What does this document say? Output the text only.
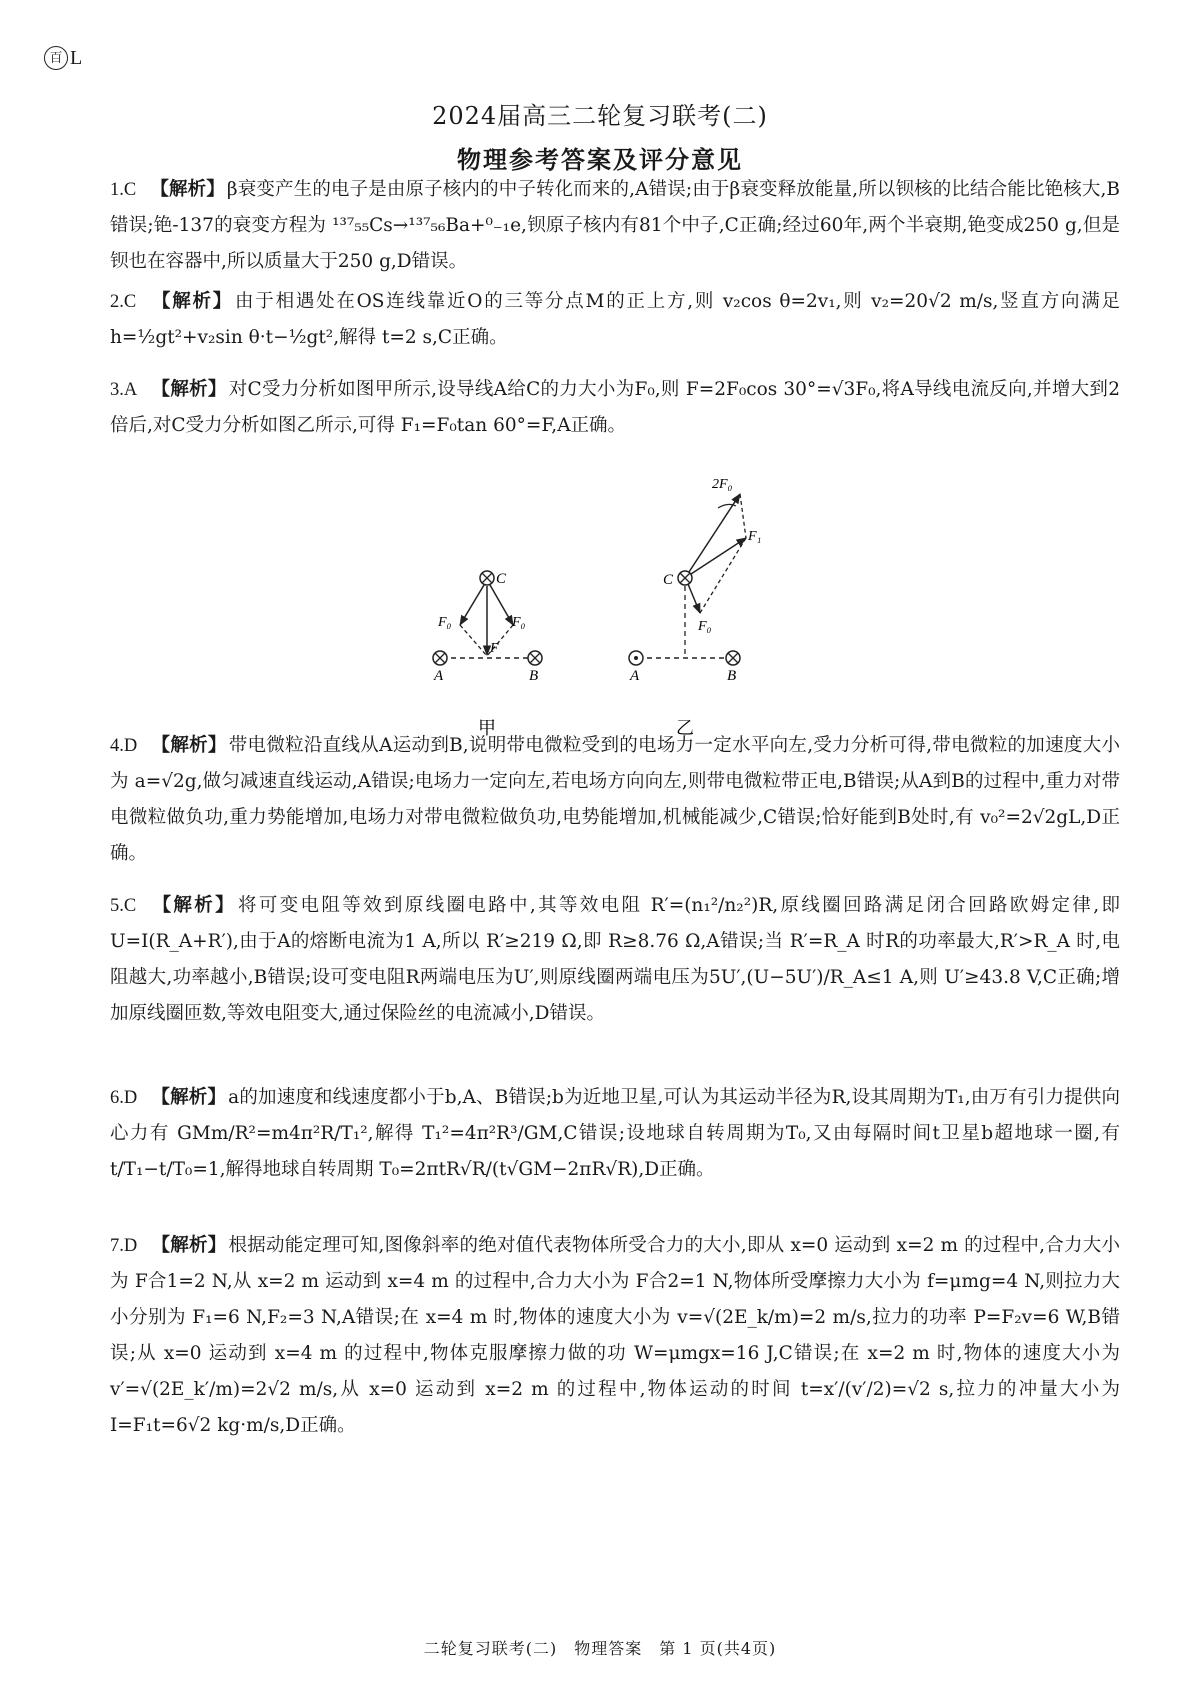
百 L
2024届高三二轮复习联考(二)
物理参考答案及评分意见
1.C 【解析】 β衰变产生的电子是由原子核内的中子转化而来的,A错误;由于β衰变释放能量,所以钡核的比结合能比铯核大,B错误;铯-137的衰变方程为 ¹³⁷₅₅Cs→¹³⁷₅₆Ba+⁰₋₁e,钡原子核内有81个中子,C正确;经过60年,两个半衰期,铯变成250 g,但是钡也在容器中,所以质量大于250 g,D错误。
2.C 【解析】 由于相遇处在OS连线靠近O的三等分点M的正上方,则 v₂cos θ=2v₁,则 v₂=20√2 m/s,竖直方向满足 h=½gt²+v₂sin θ·t−½gt²,解得 t=2 s,C正确。
3.A 【解析】 对C受力分析如图甲所示,设导线A给C的力大小为F₀,则 F=2F₀cos 30°=√3F₀,将A导线电流反向,并增大到2倍后,对C受力分析如图乙所示,可得 F₁=F₀tan 60°=F,A正确。
C
F₀	F₀
F
A	B
甲
C
2F₀
F₁
F₀
A	B
乙
4.D 【解析】 带电微粒沿直线从A运动到B,说明带电微粒受到的电场力一定水平向左,受力分析可得,带电微粒的加速度大小为 a=√2g,做匀减速直线运动,A错误;电场力一定向左,若电场方向向左,则带电微粒带正电,B错误;从A到B的过程中,重力对带电微粒做负功,重力势能增加,电场力对带电微粒做负功,电势能增加,机械能减少,C错误;恰好能到B处时,有 v₀²=2√2gL,D正确。
5.C 【解析】 将可变电阻等效到原线圈电路中,其等效电阻 R′=(n₁²/n₂²)R,原线圈回路满足闭合回路欧姆定律,即 U=I(R_A+R′),由于A的熔断电流为1 A,所以 R′≥219 Ω,即 R≥8.76 Ω,A错误;当 R′=R_A 时R的功率最大,R′>R_A 时,电阻越大,功率越小,B错误;设可变电阻R两端电压为U′,则原线圈两端电压为5U′,(U−5U′)/R_A≤1 A,则 U′≥43.8 V,C正确;增加原线圈匝数,等效电阻变大,通过保险丝的电流减小,D错误。
6.D 【解析】 a的加速度和线速度都小于b,A、B错误;b为近地卫星,可认为其运动半径为R,设其周期为T₁,由万有引力提供向心力有 GMm/R²=m4π²R/T₁²,解得 T₁²=4π²R³/GM,C错误;设地球自转周期为T₀,又由每隔时间t卫星b超地球一圈,有 t/T₁−t/T₀=1,解得地球自转周期 T₀=2πtR√R/(t√GM−2πR√R),D正确。
7.D 【解析】 根据动能定理可知,图像斜率的绝对值代表物体所受合力的大小,即从 x=0 运动到 x=2 m 的过程中,合力大小为 F合1=2 N,从 x=2 m 运动到 x=4 m 的过程中,合力大小为 F合2=1 N,物体所受摩擦力大小为 f=μmg=4 N,则拉力大小分别为 F₁=6 N,F₂=3 N,A错误;在 x=4 m 时,物体的速度大小为 v=√(2E_k/m)=2 m/s,拉力的功率 P=F₂v=6 W,B错误;从 x=0 运动到 x=4 m 的过程中,物体克服摩擦力做的功 W=μmgx=16 J,C错误;在 x=2 m 时,物体的速度大小为 v′=√(2E_k′/m)=2√2 m/s,从 x=0 运动到 x=2 m 的过程中,物体运动的时间 t=x′/(v′/2)=√2 s,拉力的冲量大小为 I=F₁t=6√2 kg·m/s,D正确。
二轮复习联考(二)　物理答案　第 1 页(共4页)
